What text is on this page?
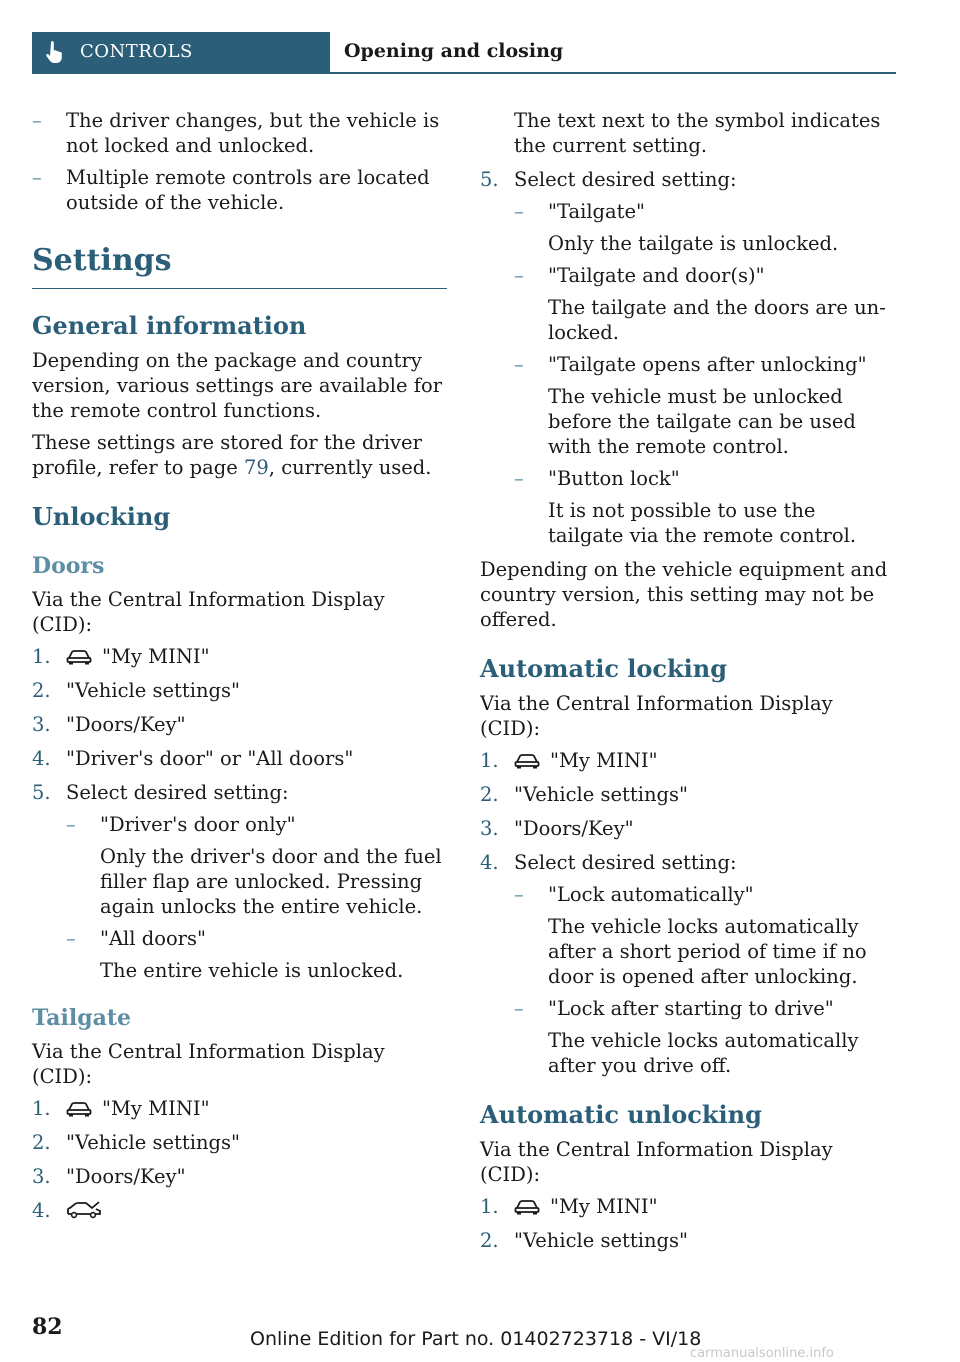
CONTROLS	Opening and closing
– The driver changes, but the vehicle is not locked and unlocked.
– Multiple remote controls are located outside of the vehicle.
Settings
General information

Depending on the package and country version, various settings are available for the remote control functions.

These settings are stored for the driver profile, refer to page 79, currently used.

Unlocking
Doors

Via the Central Information Display (CID):

1.	"My MINI"
2. "Vehicle settings"
3. "Doors/Key"
4. "Driver's door" or "All doors"
5. Select desired setting:
– "Driver's door only"
Only the driver's door and the fuel filler flap are unlocked. Pressing again unlocks the entire vehicle.
– "All doors"
The entire vehicle is unlocked.
Tailgate

Via the Central Information Display (CID):

1.	"My MINI"
2. "Vehicle settings"
3. "Doors/Key"
4.
The text next to the symbol indicates the current setting.
5. Select desired setting:
– "Tailgate"
Only the tailgate is unlocked.
– "Tailgate and door(s)"
The tailgate and the doors are unlocked.
– "Tailgate opens after unlocking"
The vehicle must be unlocked before the tailgate can be used with the remote control.
– "Button lock"
It is not possible to use the tailgate via the remote control.

Depending on the vehicle equipment and country version, this setting may not be offered.

Automatic locking

Via the Central Information Display (CID):

1.	"My MINI"
2. "Vehicle settings"
3. "Doors/Key"
4. Select desired setting:
– "Lock automatically"
The vehicle locks automatically after a short period of time if no door is opened after unlocking.
– "Lock after starting to drive"
The vehicle locks automatically after you drive off.
Automatic unlocking

Via the Central Information Display (CID):

1.	"My MINI"
2. "Vehicle settings"
82	Online Edition for Part no. 01402723718 - VI/18
carmanualsonline.info
